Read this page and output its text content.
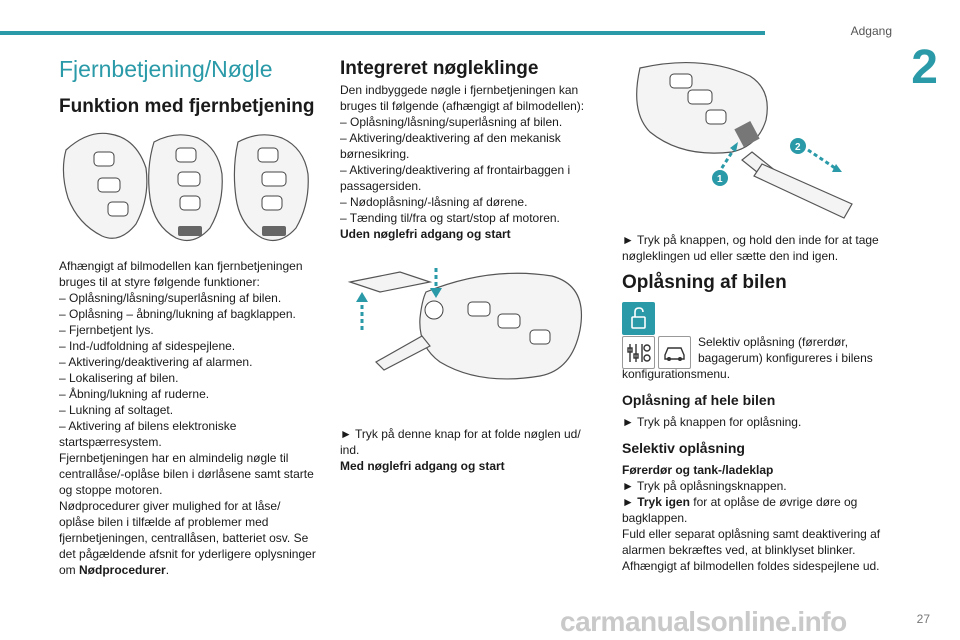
Adgang
2
Fjernbetjening/Nøgle
Funktion med fjernbetjening
Afhængigt af bilmodellen kan fjernbetjeningen
bruges til at styre følgende funktioner:
– Oplåsning/låsning/superlåsning af bilen.
– Oplåsning – åbning/lukning af bagklappen.
– Fjernbetjent lys.
– Ind-/udfoldning af sidespejlene.
– Aktivering/deaktivering af alarmen.
– Lokalisering af bilen.
– Åbning/lukning af ruderne.
– Lukning af soltaget.
– Aktivering af bilens elektroniske
startspærresystem.
Fjernbetjeningen har en almindelig nøgle til
centrallåse/-oplåse bilen i dørlåsene samt starte
og stoppe motoren.
Nødprocedurer giver mulighed for at låse/
oplåse bilen i tilfælde af problemer med
fjernbetjeningen, centrallåsen, batteriet osv. Se
det pågældende afsnit for yderligere oplysninger
om Nødprocedurer.
Integreret nøgleklinge
Den indbyggede nøgle i fjernbetjeningen kan
bruges til følgende (afhængigt af bilmodellen):
– Oplåsning/låsning/superlåsning af bilen.
– Aktivering/deaktivering af den mekanisk
børnesikring.
– Aktivering/deaktivering af frontairbaggen i
passagersiden.
– Nødoplåsning/-låsning af dørene.
– Tænding til/fra og start/stop af motoren.
Uden nøglefri adgang og start
► Tryk på denne knap for at folde nøglen ud/
ind.
Med nøglefri adgang og start
1
2
► Tryk på knappen, og hold den inde for at tage
nøgleklingen ud eller sætte den ind igen.
Oplåsning af bilen
Selektiv oplåsning (førerdør,
bagagerum) konfigureres i bilens
konfigurationsmenu.
Oplåsning af hele bilen
► Tryk på knappen for oplåsning.
Selektiv oplåsning
Førerdør og tank-/ladeklap
► Tryk på oplåsningsknappen.
► Tryk igen for at oplåse de øvrige døre og
bagklappen.
Fuld eller separat oplåsning samt deaktivering af
alarmen bekræftes ved, at blinklyset blinker.
Afhængigt af bilmodellen foldes sidespejlene ud.
carmanualsonline.info	27
